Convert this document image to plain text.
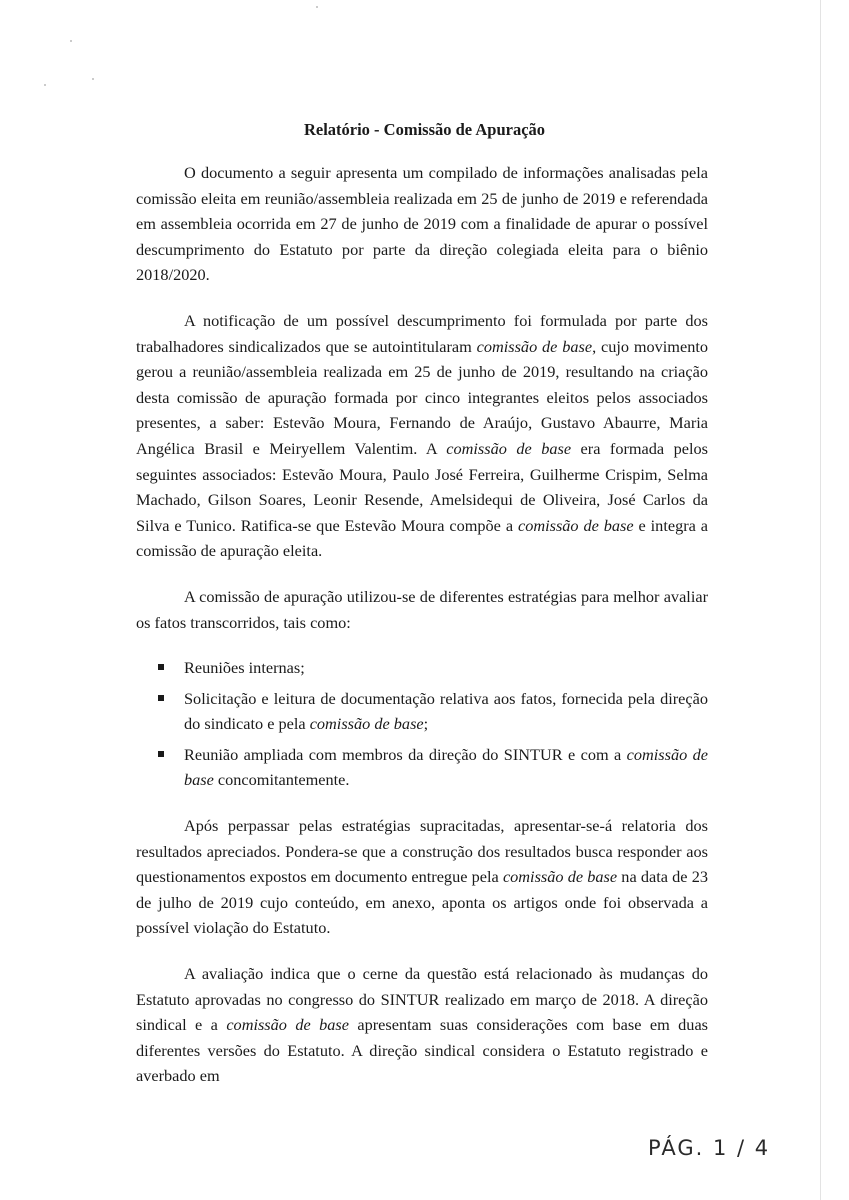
Relatório - Comissão de Apuração

O documento a seguir apresenta um compilado de informações analisadas pela comissão eleita em reunião/assembleia realizada em 25 de junho de 2019 e referendada em assembleia ocorrida em 27 de junho de 2019 com a finalidade de apurar o possível descumprimento do Estatuto por parte da direção colegiada eleita para o biênio 2018/2020.

A notificação de um possível descumprimento foi formulada por parte dos trabalhadores sindicalizados que se autointitularam comissão de base, cujo movimento gerou a reunião/assembleia realizada em 25 de junho de 2019, resultando na criação desta comissão de apuração formada por cinco integrantes eleitos pelos associados presentes, a saber: Estevão Moura, Fernando de Araújo, Gustavo Abaurre, Maria Angélica Brasil e Meiryellem Valentim. A comissão de base era formada pelos seguintes associados: Estevão Moura, Paulo José Ferreira, Guilherme Crispim, Selma Machado, Gilson Soares, Leonir Resende, Amelsidequi de Oliveira, José Carlos da Silva e Tunico. Ratifica-se que Estevão Moura compõe a comissão de base e integra a comissão de apuração eleita.

A comissão de apuração utilizou-se de diferentes estratégias para melhor avaliar os fatos transcorridos, tais como:

Reuniões internas;
Solicitação e leitura de documentação relativa aos fatos, fornecida pela direção do sindicato e pela comissão de base;
Reunião ampliada com membros da direção do SINTUR e com a comissão de base concomitantemente.

Após perpassar pelas estratégias supracitadas, apresentar-se-á relatoria dos resultados apreciados. Pondera-se que a construção dos resultados busca responder aos questionamentos expostos em documento entregue pela comissão de base na data de 23 de julho de 2019 cujo conteúdo, em anexo, aponta os artigos onde foi observada a possível violação do Estatuto.

A avaliação indica que o cerne da questão está relacionado às mudanças do Estatuto aprovadas no congresso do SINTUR realizado em março de 2018. A direção sindical e a comissão de base apresentam suas considerações com base em duas diferentes versões do Estatuto. A direção sindical considera o Estatuto registrado e averbado em

PÁG. 1 / 4
